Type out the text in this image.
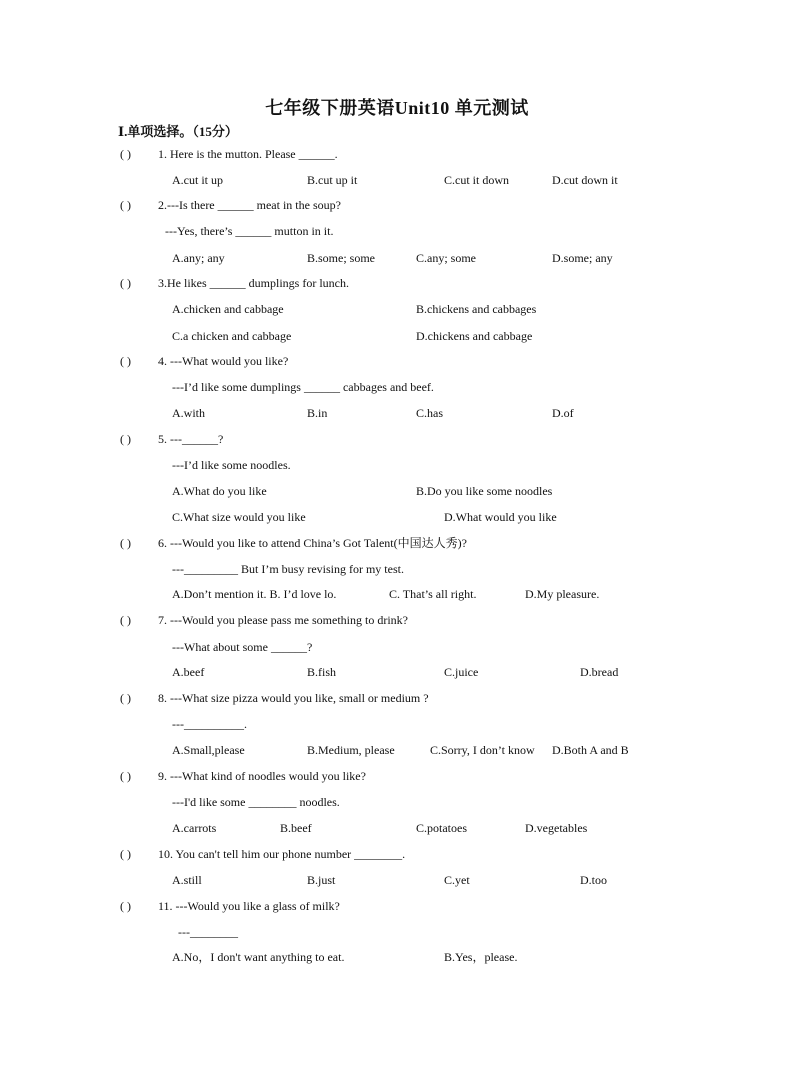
七年级下册英语Unit10 单元测试
Ⅰ.单项选择。（15分）
( ) 1. Here is the mutton. Please ______.
A.cut it up	B.cut up it	C.cut it down	D.cut down it
( ) 2.---Is there ______ meat in the soup?
---Yes, there’s ______ mutton in it.
A.any; any	B.some; some	C.any; some	D.some; any
( ) 3.He likes ______ dumplings for lunch.
A.chicken and cabbage	B.chickens and cabbages
C.a chicken and cabbage	D.chickens and cabbage
( ) 4. ---What would you like?
---I’d like some dumplings ______ cabbages and beef.
A.with	B.in	C.has	D.of
( ) 5. ---______?
---I’d like some noodles.
A.What do you like	B.Do you like some noodles
C.What size would you like	D.What would you like
( ) 6. ---Would you like to attend China’s Got Talent(中国达人秀)?
---_________ But I’m busy revising for my test.
A.Don’t mention it. B. I’d love lo.	C. That’s all right.	D.My pleasure.
( ) 7. ---Would you please pass me something to drink?
---What about some ______?
A.beef	B.fish	C.juice	D.bread
( ) 8. ---What size pizza would you like, small or medium ?
---__________.
A.Small,please	B.Medium, please	C.Sorry, I don’t know D.Both A and B
( ) 9. ---What kind of noodles would you like?
---I'd like some ________ noodles.
A.carrots	B.beef	C.potatoes	D.vegetables
( ) 10. You can't tell him our phone number ________.
A.still	B.just	C.yet	D.too
( ) 11. ---Would you like a glass of milk?
---________
A.No，I don't want anything to eat.	B.Yes，please.
